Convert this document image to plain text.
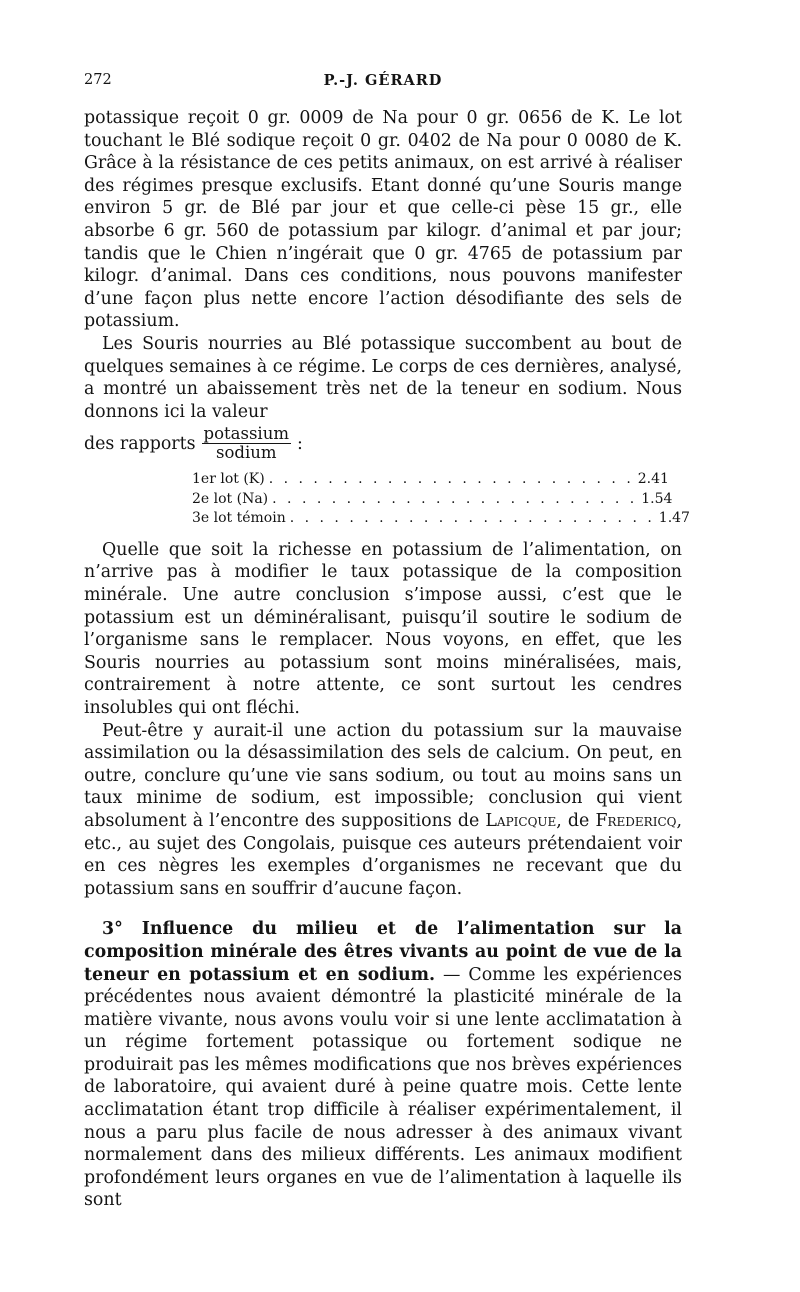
272	P.-J. GÉRARD

potassique reçoit 0 gr. 0009 de Na pour 0 gr. 0656 de K. Le lot touchant le Blé sodique reçoit 0 gr. 0402 de Na pour 0 0080 de K. Grâce à la résistance de ces petits animaux, on est arrivé à réaliser des régimes presque exclusifs. Etant donné qu’une Souris mange environ 5 gr. de Blé par jour et que celle-ci pèse 15 gr., elle absorbe 6 gr. 560 de potassium par kilogr. d’animal et par jour; tandis que le Chien n’ingérait que 0 gr. 4765 de potassium par kilogr. d’animal. Dans ces conditions, nous pouvons manifester d’une façon plus nette encore l’action désodifiante des sels de potassium.

Les Souris nourries au Blé potassique succombent au bout de quelques semaines à ce régime. Le corps de ces dernières, analysé, a montré un abaissement très net de la teneur en sodium. Nous donnons ici la valeur

des rapports $\frac{\text{potassium}}{\text{sodium}}$ :
1er lot (K) . . . . . . . . . . . . . . . . . . . . . . . . . 2.41
2e lot (Na) . . . . . . . . . . . . . . . . . . . . . . . . . 1.54
3e lot témoin . . . . . . . . . . . . . . . . . . . . . . . . . 1.47

Quelle que soit la richesse en potassium de l’alimentation, on n’arrive pas à modifier le taux potassique de la composition minérale. Une autre conclusion s’impose aussi, c’est que le potassium est un déminéralisant, puisqu’il soutire le sodium de l’organisme sans le remplacer. Nous voyons, en effet, que les Souris nourries au potassium sont moins minéralisées, mais, contrairement à notre attente, ce sont surtout les cendres insolubles qui ont fléchi.

Peut-être y aurait-il une action du potassium sur la mauvaise assimilation ou la désassimilation des sels de calcium. On peut, en outre, conclure qu’une vie sans sodium, ou tout au moins sans un taux minime de sodium, est impossible; conclusion qui vient absolument à l’encontre des suppositions de Lapicque, de Fredericq, etc., au sujet des Congolais, puisque ces auteurs prétendaient voir en ces nègres les exemples d’organismes ne recevant que du potassium sans en souffrir d’aucune façon.

3° Influence du milieu et de l’alimentation sur la composition minérale des êtres vivants au point de vue de la teneur en potassium et en sodium. — Comme les expériences précédentes nous avaient démontré la plasticité minérale de la matière vivante, nous avons voulu voir si une lente acclimatation à un régime fortement potassique ou fortement sodique ne produirait pas les mêmes modifications que nos brèves expériences de laboratoire, qui avaient duré à peine quatre mois. Cette lente acclimatation étant trop difficile à réaliser expérimentalement, il nous a paru plus facile de nous adresser à des animaux vivant normalement dans des milieux différents. Les animaux modifient profondément leurs organes en vue de l’alimentation à laquelle ils sont
